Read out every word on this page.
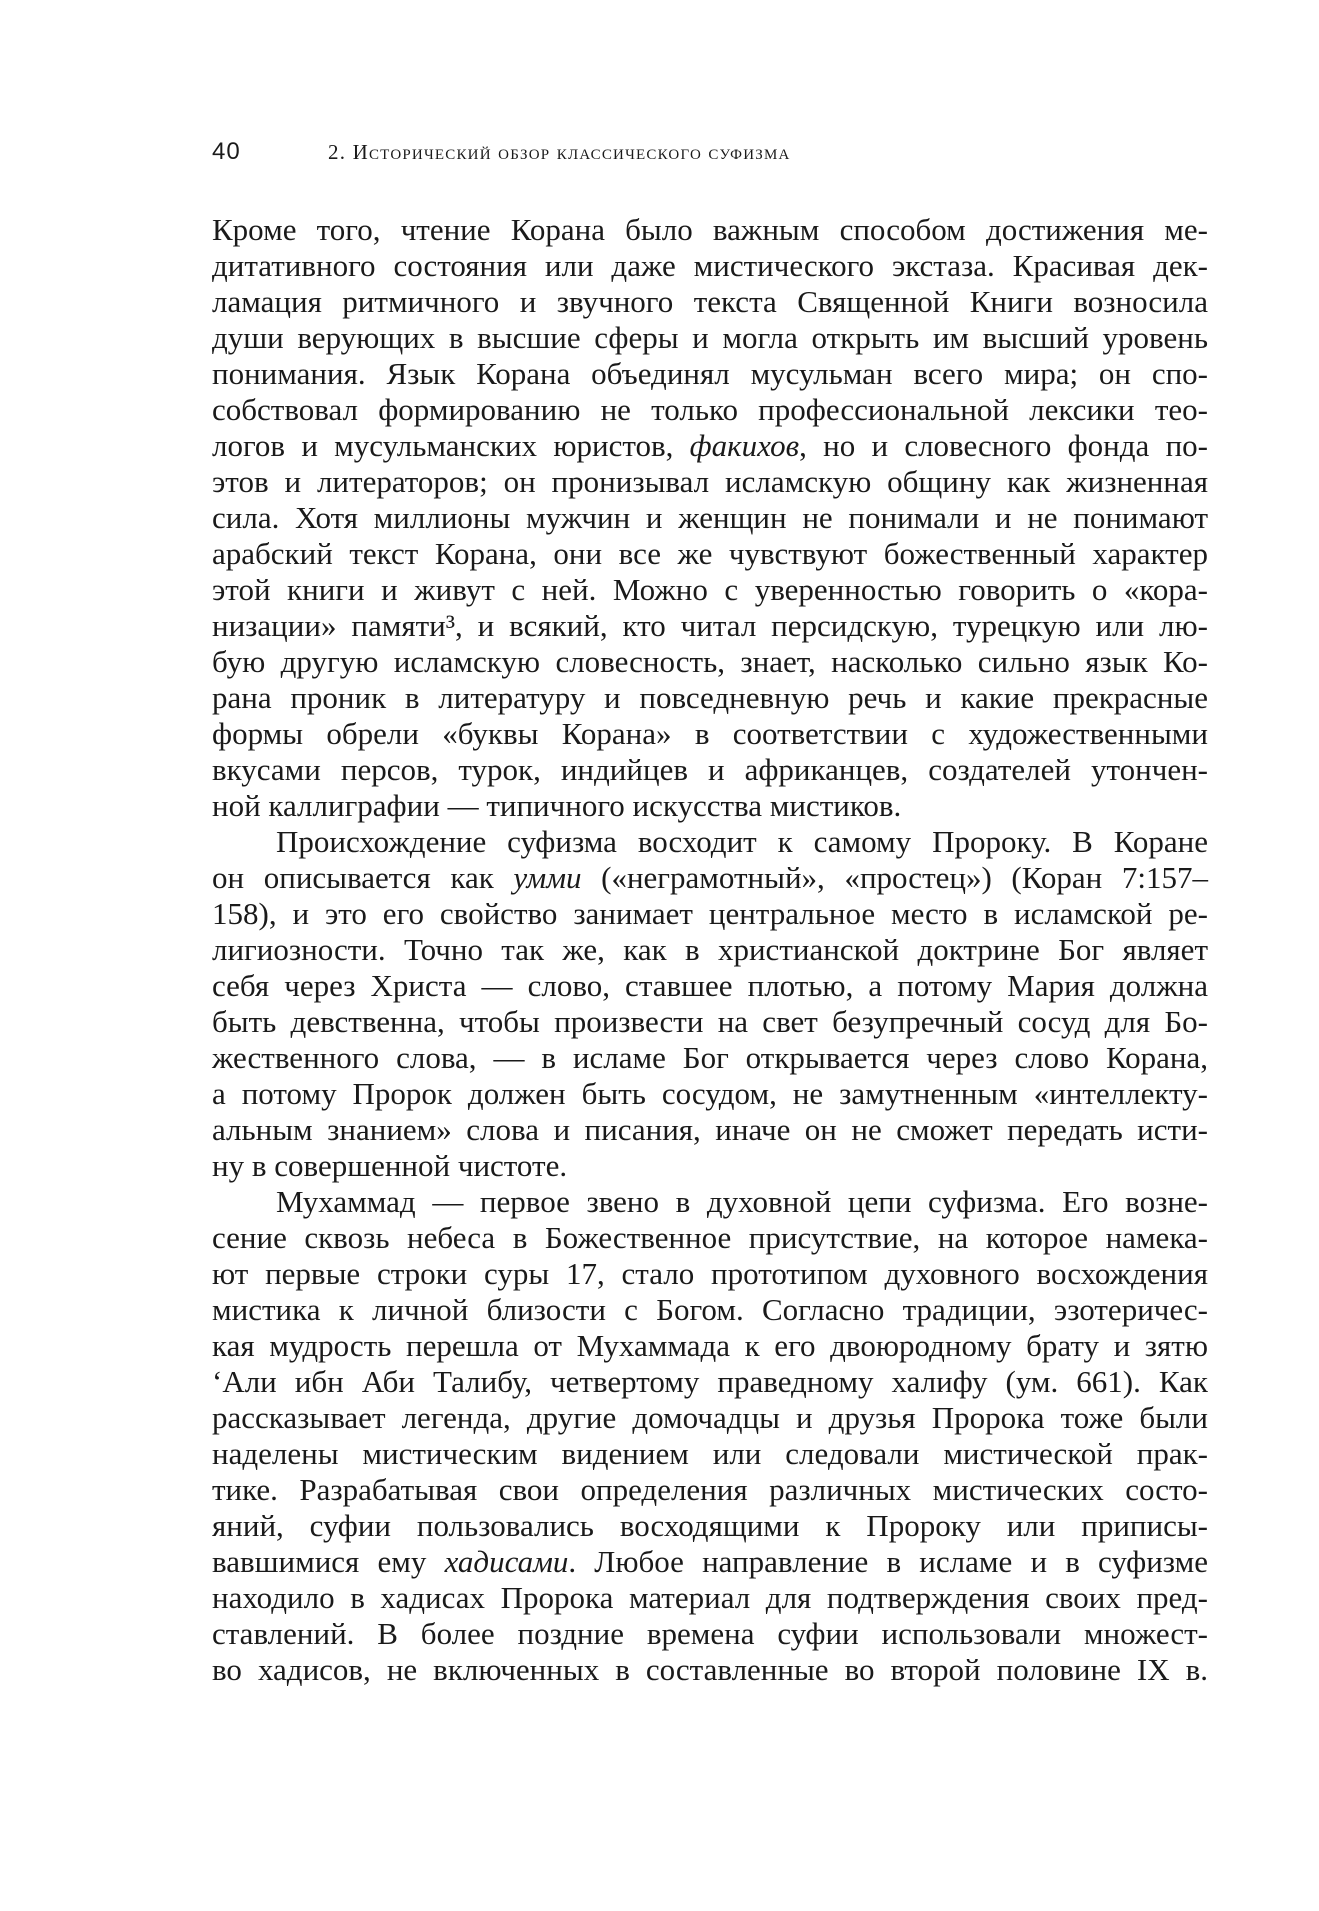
40	2. Исторический обзор классического суфизма
Кроме того, чтение Корана было важным способом достижения ме-
дитативного состояния или даже мистического экстаза. Красивая дек-
ламация ритмичного и звучного текста Священной Книги возносила
души верующих в высшие сферы и могла открыть им высший уровень
понимания. Язык Корана объединял мусульман всего мира; он спо-
собствовал формированию не только профессиональной лексики тео-
логов и мусульманских юристов, факихов, но и словесного фонда по-
этов и литераторов; он пронизывал исламскую общину как жизненная
сила. Хотя миллионы мужчин и женщин не понимали и не понимают
арабский текст Корана, они все же чувствуют божественный характер
этой книги и живут с ней. Можно с уверенностью говорить о «кора-
низации» памяти³, и всякий, кто читал персидскую, турецкую или лю-
бую другую исламскую словесность, знает, насколько сильно язык Ко-
рана проник в литературу и повседневную речь и какие прекрасные
формы обрели «буквы Корана» в соответствии с художественными
вкусами персов, турок, индийцев и африканцев, создателей утончен-
ной каллиграфии — типичного искусства мистиков.
Происхождение суфизма восходит к самому Пророку. В Коране
он описывается как умми («неграмотный», «простец») (Коран 7:157–
158), и это его свойство занимает центральное место в исламской ре-
лигиозности. Точно так же, как в христианской доктрине Бог являет
себя через Христа — слово, ставшее плотью, а потому Мария должна
быть девственна, чтобы произвести на свет безупречный сосуд для Бо-
жественного слова, — в исламе Бог открывается через слово Корана,
а потому Пророк должен быть сосудом, не замутненным «интеллекту-
альным знанием» слова и писания, иначе он не сможет передать исти-
ну в совершенной чистоте.
Мухаммад — первое звено в духовной цепи суфизма. Его возне-
сение сквозь небеса в Божественное присутствие, на которое намека-
ют первые строки суры 17, стало прототипом духовного восхождения
мистика к личной близости с Богом. Согласно традиции, эзотеричес-
кая мудрость перешла от Мухаммада к его двоюродному брату и зятю
‘Али ибн Аби Талибу, четвертому праведному халифу (ум. 661). Как
рассказывает легенда, другие домочадцы и друзья Пророка тоже были
наделены мистическим видением или следовали мистической прак-
тике. Разрабатывая свои определения различных мистических состо-
яний, суфии пользовались восходящими к Пророку или приписы-
вавшимися ему хадисами. Любое направление в исламе и в суфизме
находило в хадисах Пророка материал для подтверждения своих пред-
ставлений. В более поздние времена суфии использовали множест-
во хадисов, не включенных в составленные во второй половине IX в.
